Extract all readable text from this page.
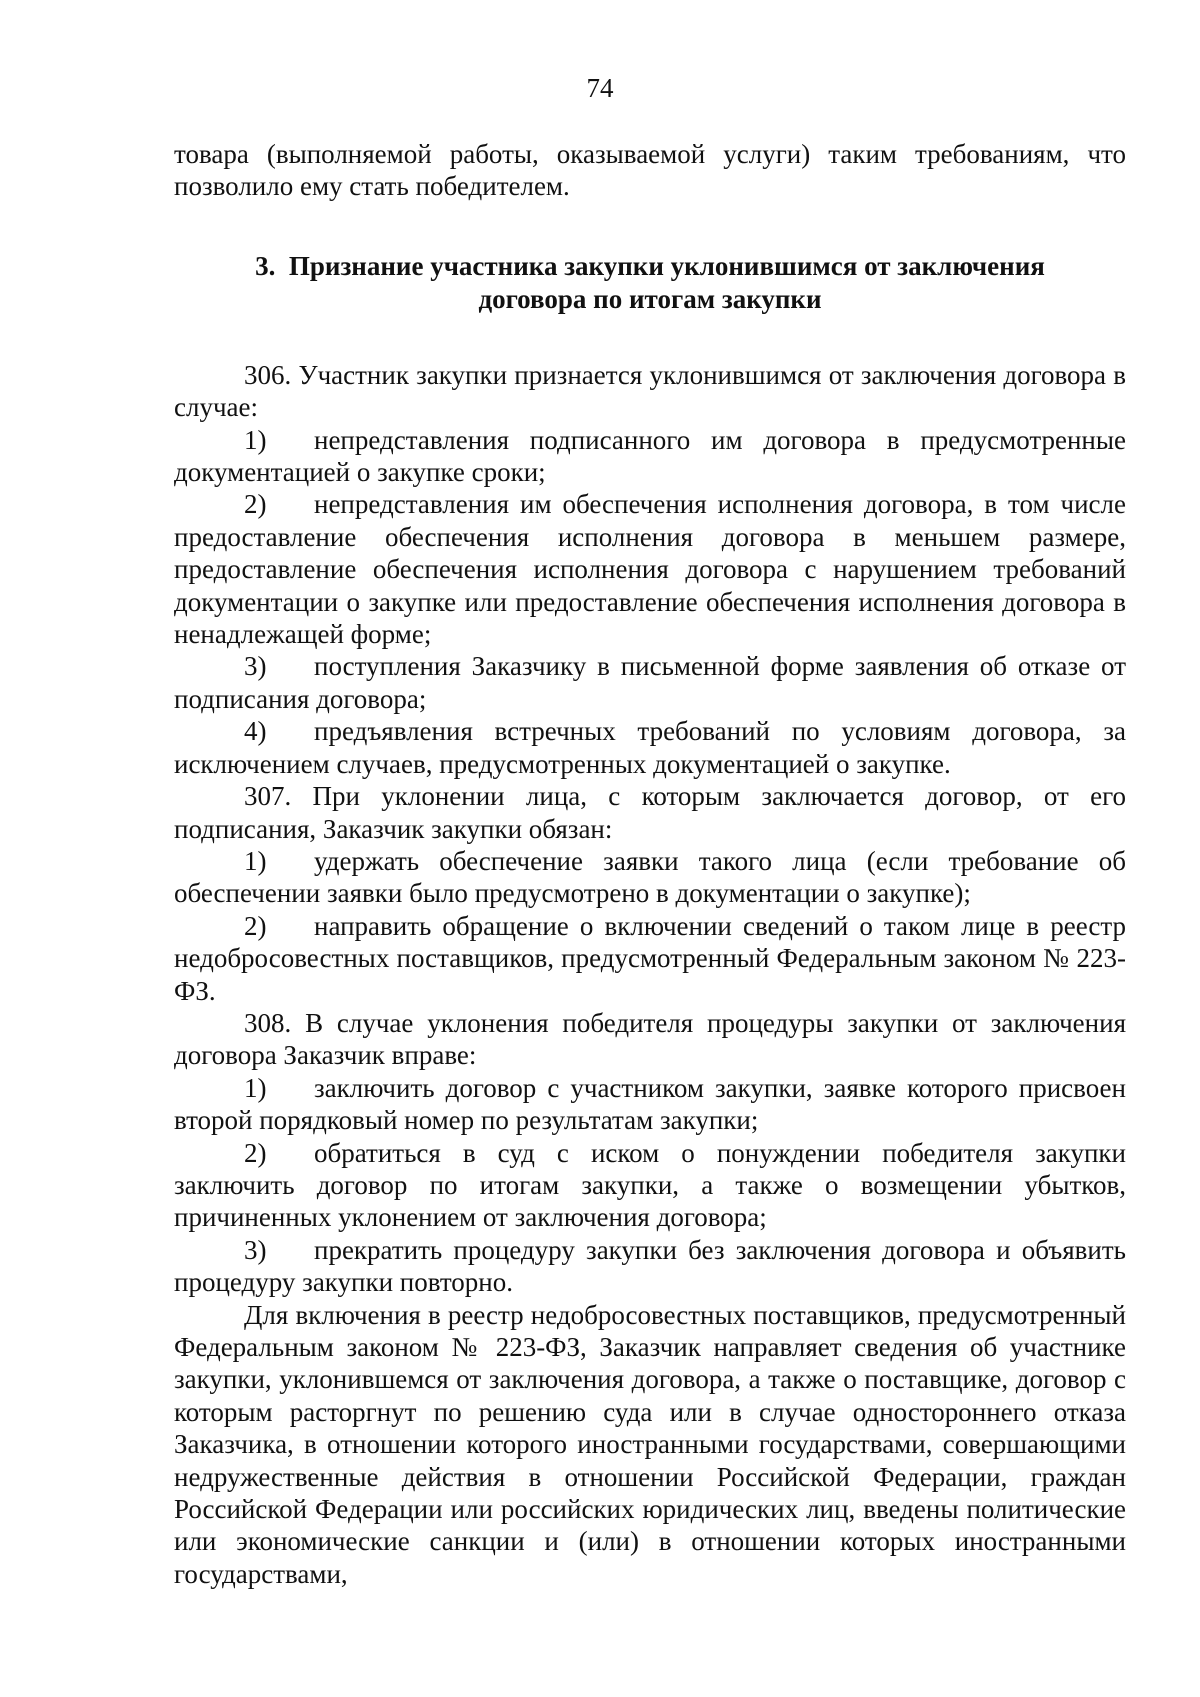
74

товара (выполняемой работы, оказываемой услуги) таким требованиям, что позволило ему стать победителем.

3. Признание участника закупки уклонившимся от заключения
договора по итогам закупки

306. Участник закупки признается уклонившимся от заключения договора в случае:

1) непредставления подписанного им договора в предусмотренные документацией о закупке сроки;

2) непредставления им обеспечения исполнения договора, в том числе предоставление обеспечения исполнения договора в меньшем размере, предоставление обеспечения исполнения договора с нарушением требований документации о закупке или предоставление обеспечения исполнения договора в ненадлежащей форме;

3) поступления Заказчику в письменной форме заявления об отказе от подписания договора;

4) предъявления встречных требований по условиям договора, за исключением случаев, предусмотренных документацией о закупке.

307. При уклонении лица, с которым заключается договор, от его подписания, Заказчик закупки обязан:

1) удержать обеспечение заявки такого лица (если требование об обеспечении заявки было предусмотрено в документации о закупке);

2) направить обращение о включении сведений о таком лице в реестр недобросовестных поставщиков, предусмотренный Федеральным законом № 223-ФЗ.

308. В случае уклонения победителя процедуры закупки от заключения договора Заказчик вправе:

1) заключить договор с участником закупки, заявке которого присвоен второй порядковый номер по результатам закупки;

2) обратиться в суд с иском о понуждении победителя закупки заключить договор по итогам закупки, а также о возмещении убытков, причиненных уклонением от заключения договора;

3) прекратить процедуру закупки без заключения договора и объявить процедуру закупки повторно.

Для включения в реестр недобросовестных поставщиков, предусмотренный Федеральным законом № 223-ФЗ, Заказчик направляет сведения об участнике закупки, уклонившемся от заключения договора, а также о поставщике, договор с которым расторгнут по решению суда или в случае одностороннего отказа Заказчика, в отношении которого иностранными государствами, совершающими недружественные действия в отношении Российской Федерации, граждан Российской Федерации или российских юридических лиц, введены политические или экономические санкции и (или) в отношении которых иностранными государствами,
